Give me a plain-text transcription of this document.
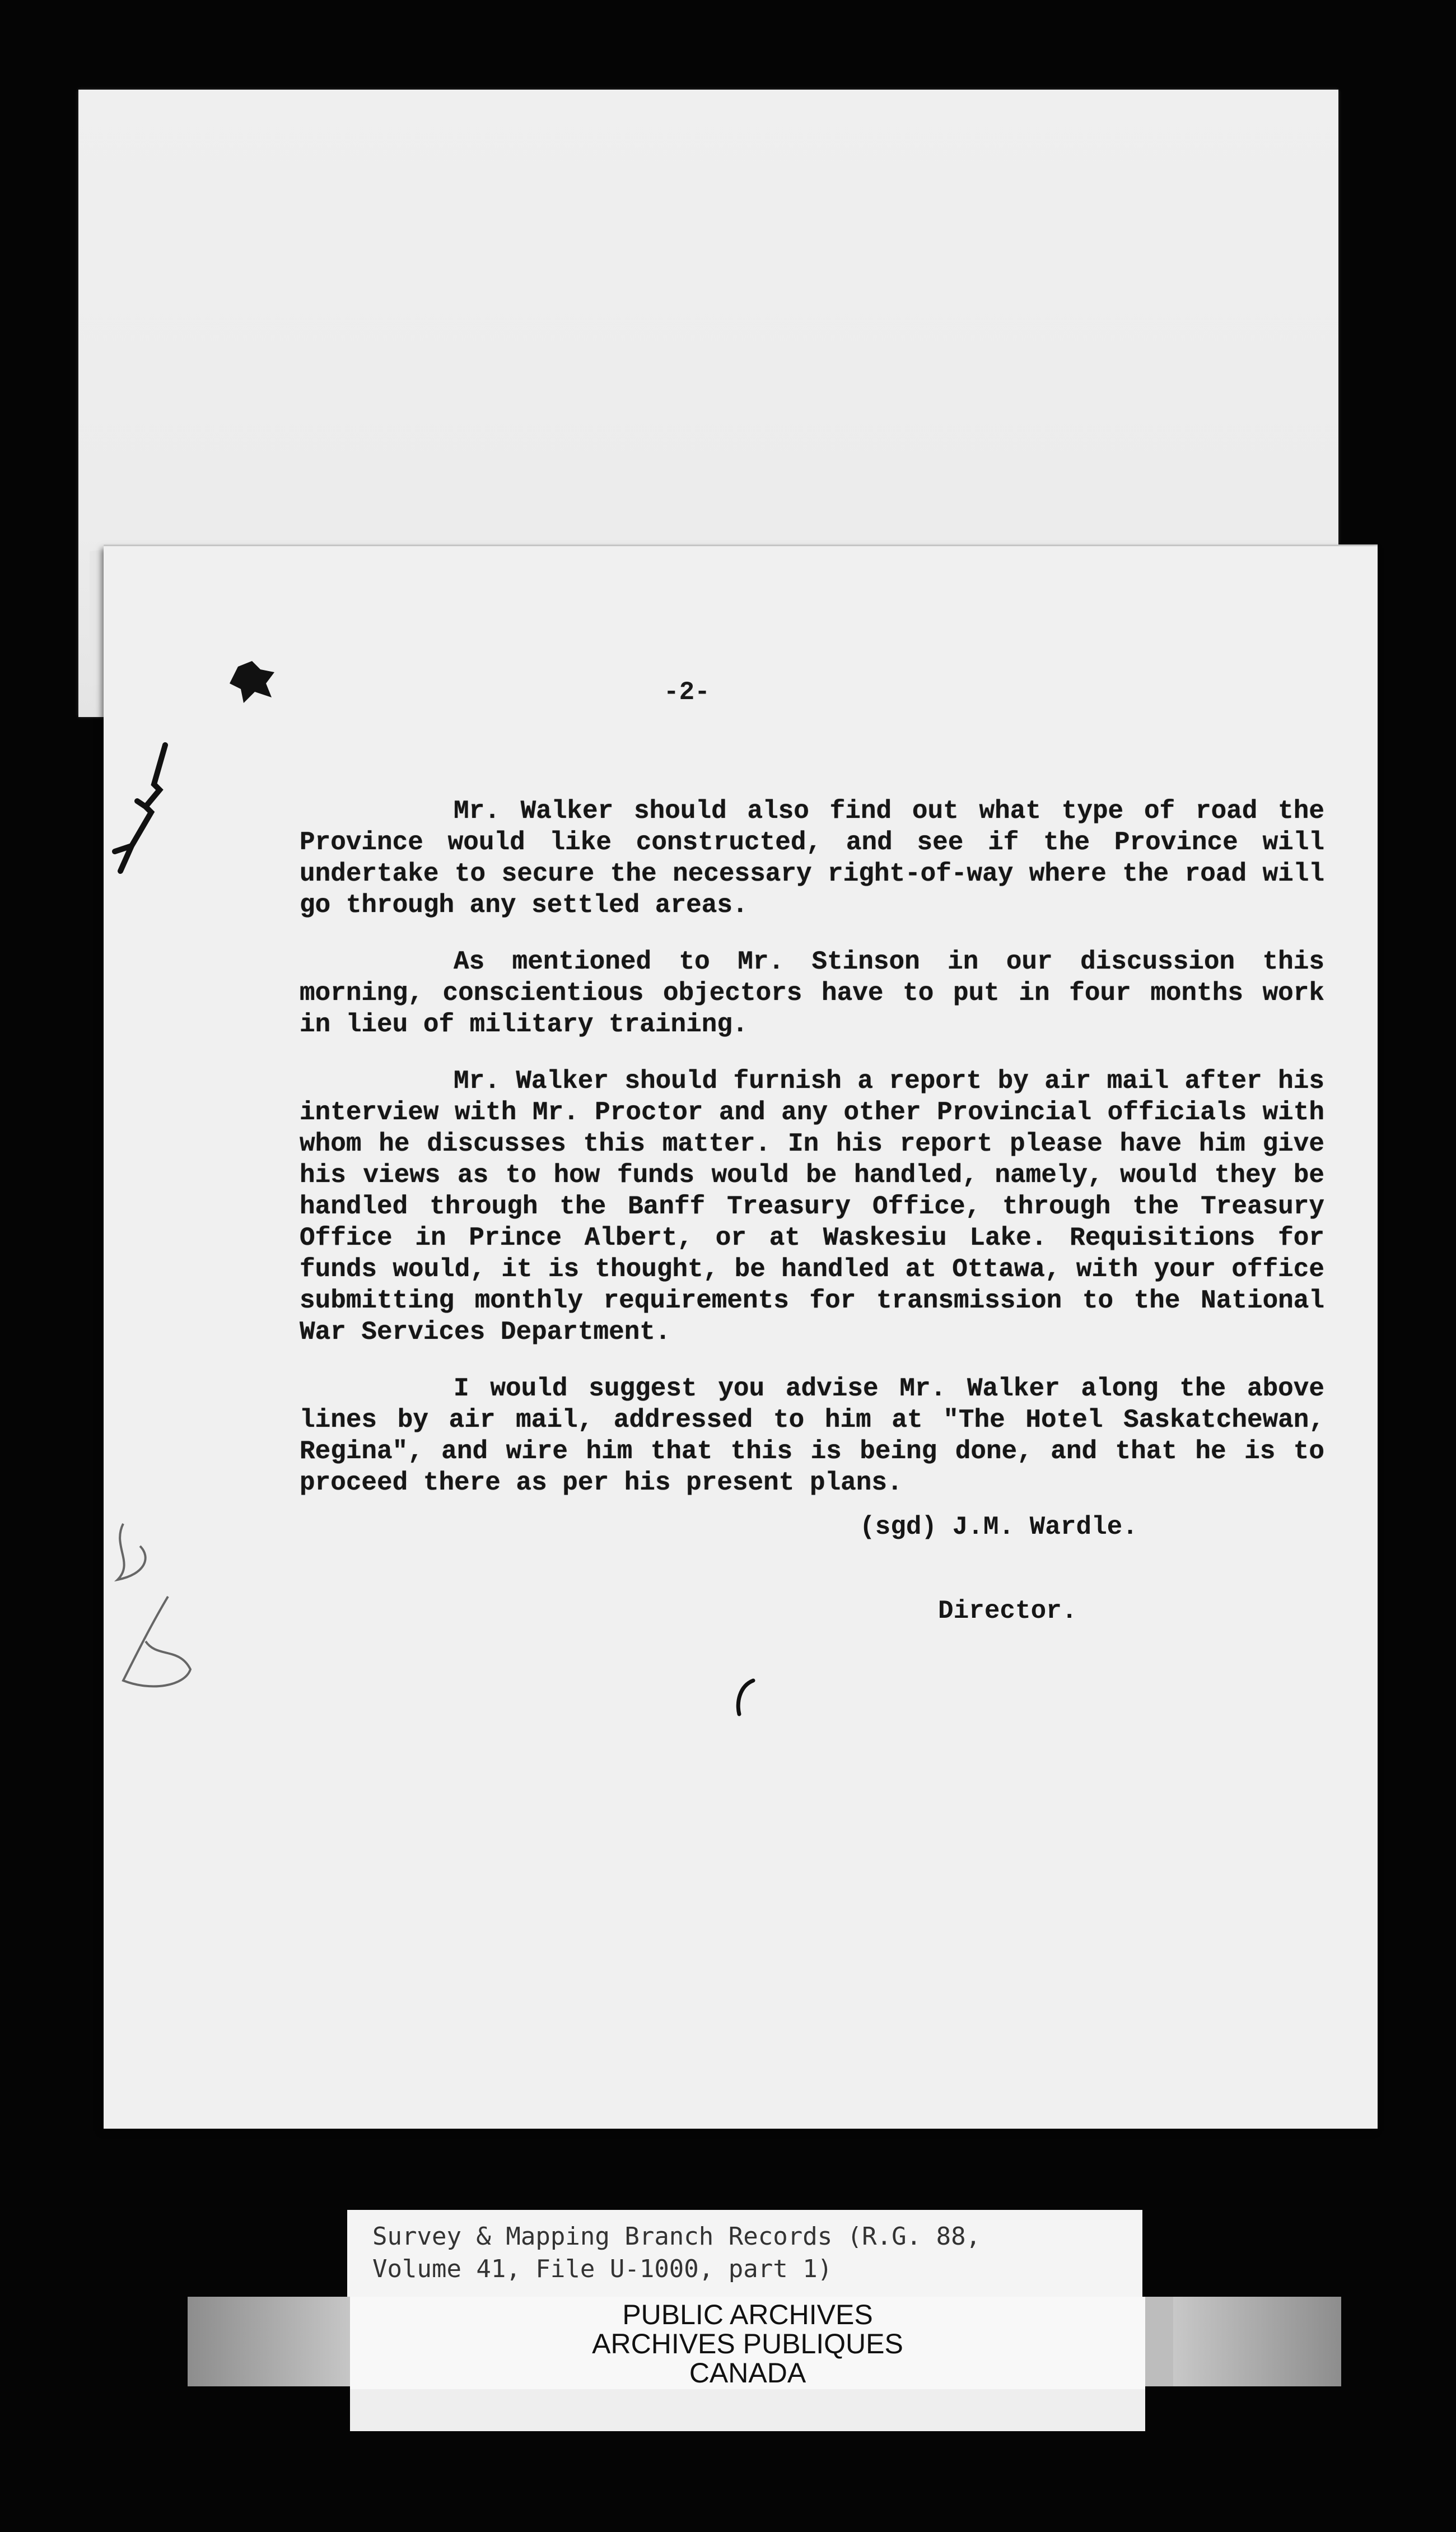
-2-

Mr. Walker should also find out what type of road the Province would like constructed, and see if the Province will undertake to secure the necessary right-of-way where the road will go through any settled areas.

As mentioned to Mr. Stinson in our discussion this morning, conscientious objectors have to put in four months work in lieu of military training.

Mr. Walker should furnish a report by air mail after his interview with Mr. Proctor and any other Provincial officials with whom he discusses this matter. In his report please have him give his views as to how funds would be handled, namely, would they be handled through the Banff Treasury Office, through the Treasury Office in Prince Albert, or at Waskesiu Lake. Requisitions for funds would, it is thought, be handled at Ottawa, with your office submitting monthly requirements for transmission to the National War Services Department.

I would suggest you advise Mr. Walker along the above lines by air mail, addressed to him at "The Hotel Saskatchewan, Regina", and wire him that this is being done, and that he is to proceed there as per his present plans.

(sgd) J.M. Wardle.
Director.
Survey & Mapping Branch Records (R.G. 88,
Volume 41, File U-1000, part 1)
PUBLIC ARCHIVES
ARCHIVES PUBLIQUES
CANADA
